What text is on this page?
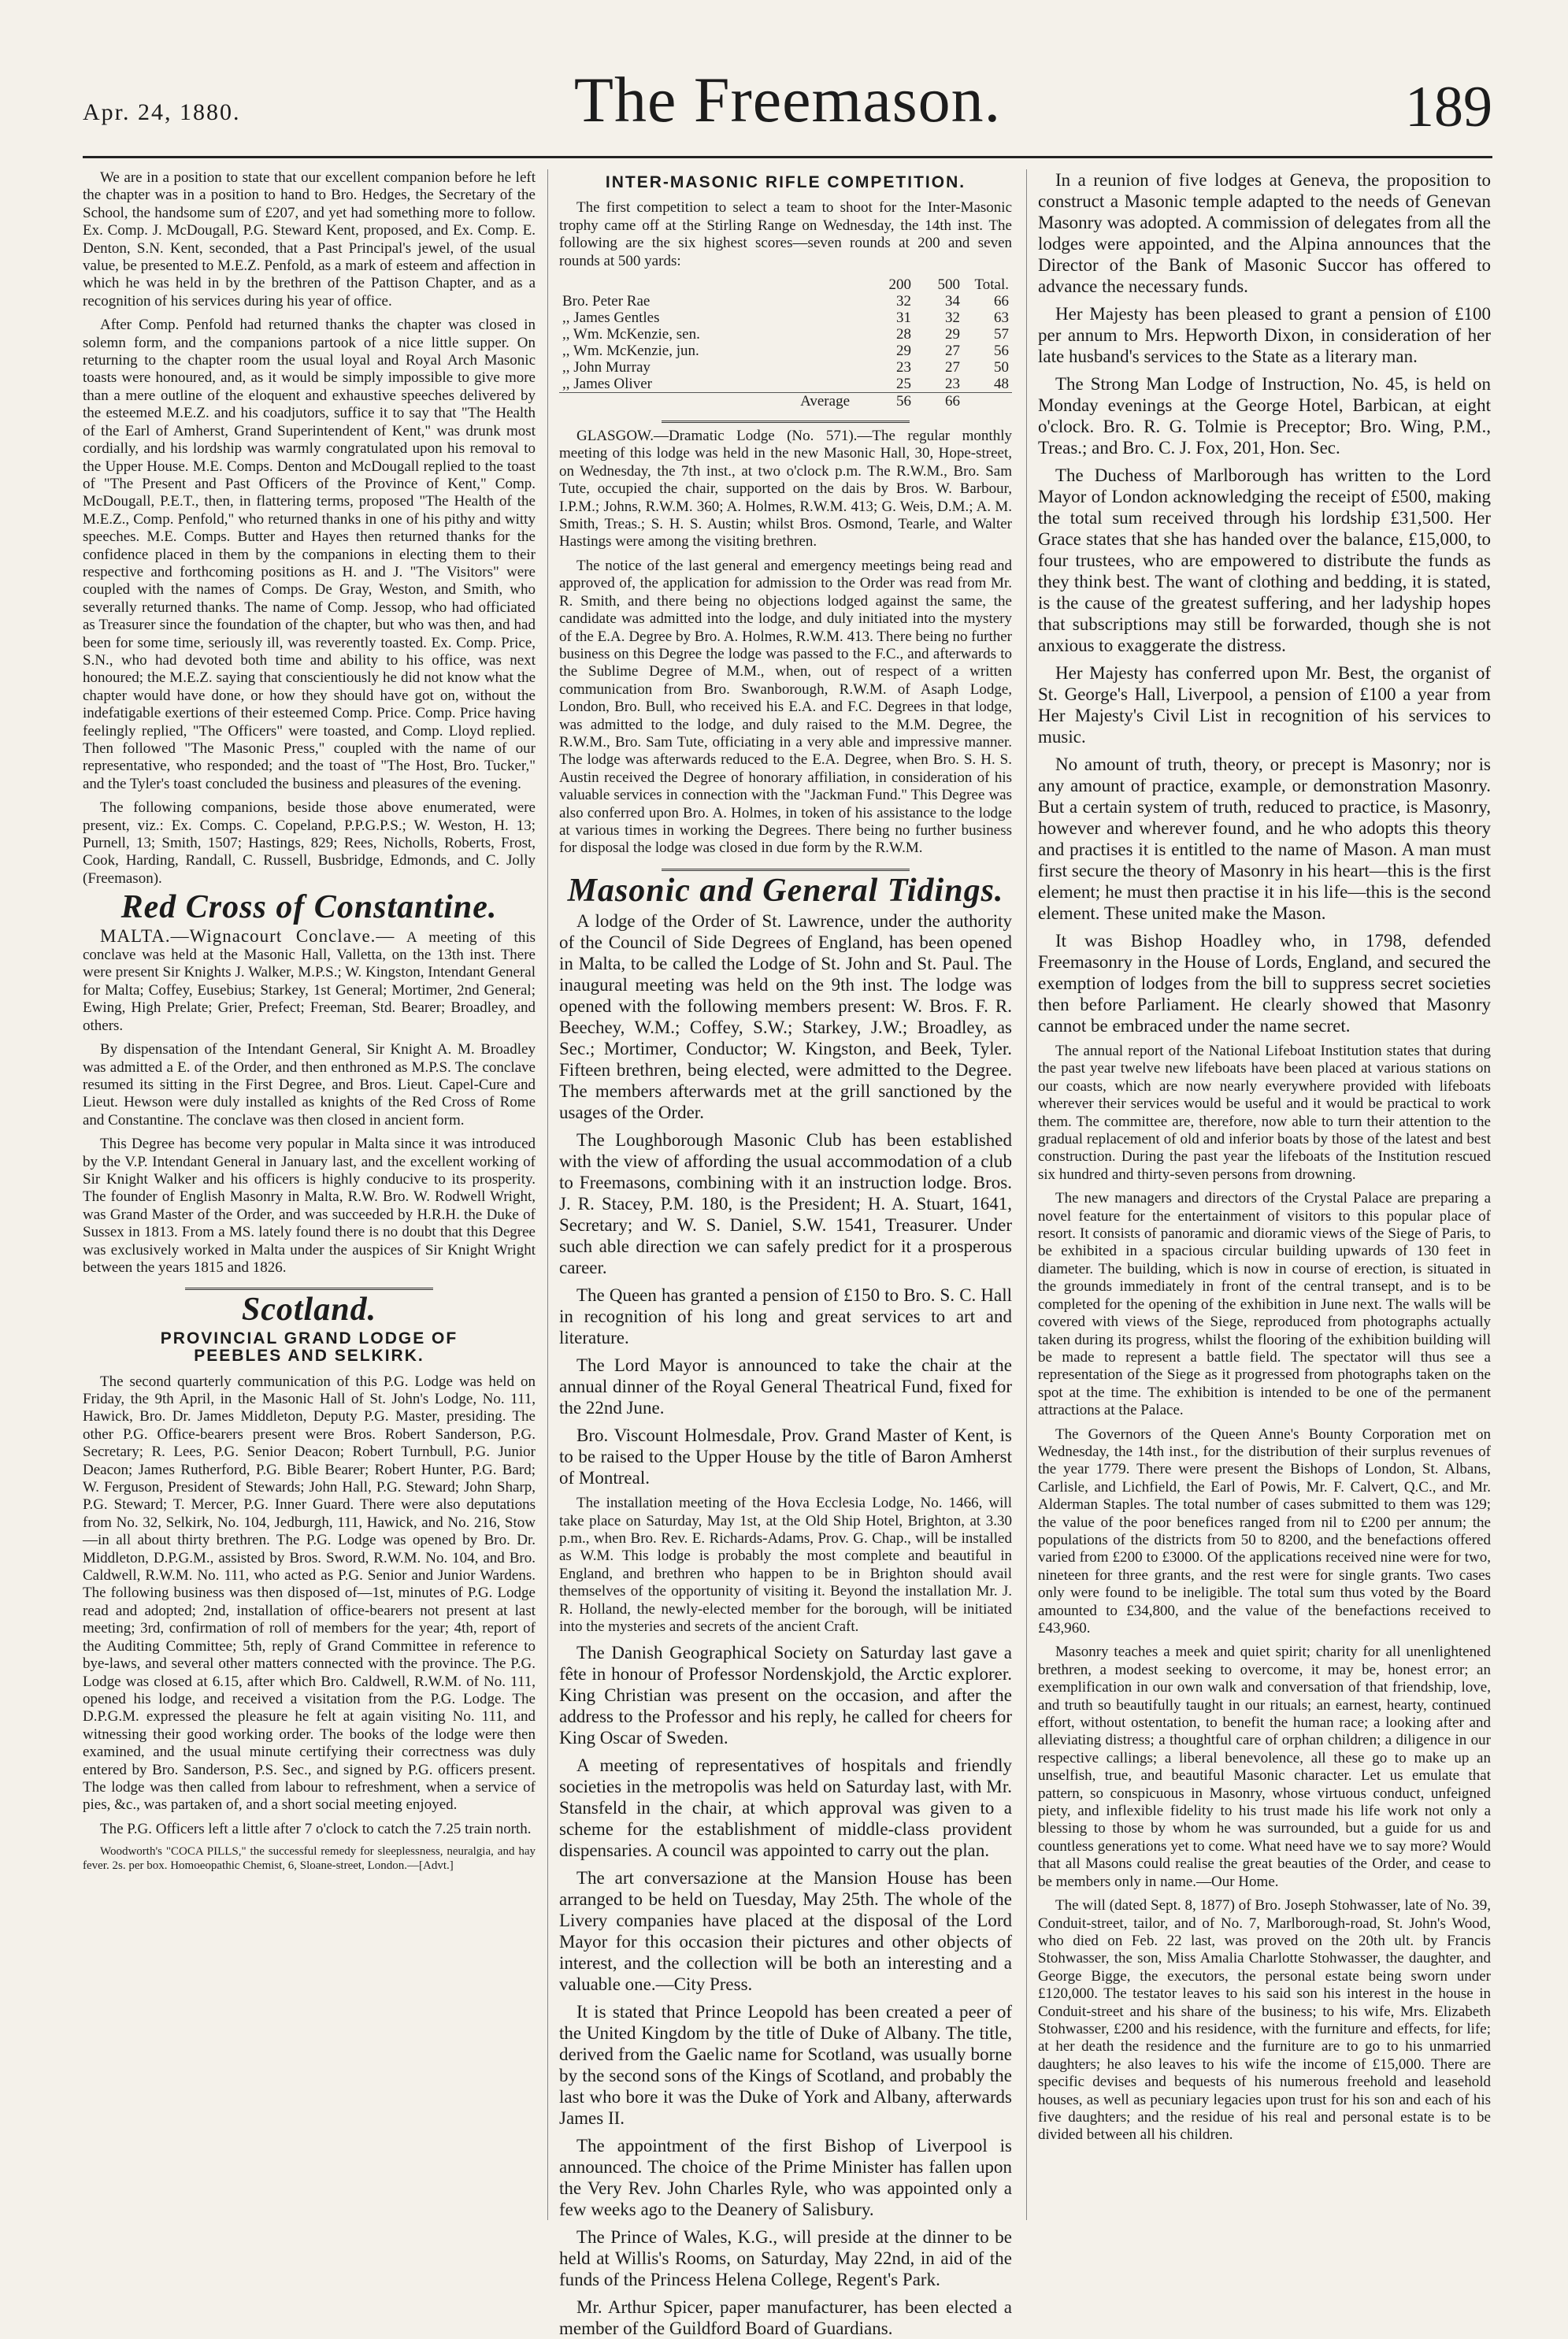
Apr. 24, 1880.	The Freemason.	189

We are in a position to state that our excellent companion before he left the chapter was in a position to hand to Bro. Hedges, the Secretary of the School, the handsome sum of £207, and yet had something more to follow. Ex. Comp. J. McDougall, P.G. Steward Kent, proposed, and Ex. Comp. E. Denton, S.N. Kent, seconded, that a Past Principal's jewel, of the usual value, be presented to M.E.Z. Penfold, as a mark of esteem and affection in which he was held in by the brethren of the Pattison Chapter, and as a recognition of his services during his year of office.

After Comp. Penfold had returned thanks the chapter was closed in solemn form, and the companions partook of a nice little supper. On returning to the chapter room the usual loyal and Royal Arch Masonic toasts were honoured, and, as it would be simply impossible to give more than a mere outline of the eloquent and exhaustive speeches delivered by the esteemed M.E.Z. and his coadjutors, suffice it to say that "The Health of the Earl of Amherst, Grand Superintendent of Kent," was drunk most cordially, and his lordship was warmly congratulated upon his removal to the Upper House. M.E. Comps. Denton and McDougall replied to the toast of "The Present and Past Officers of the Province of Kent," Comp. McDougall, P.E.T., then, in flattering terms, proposed "The Health of the M.E.Z., Comp. Penfold," who returned thanks in one of his pithy and witty speeches. M.E. Comps. Butter and Hayes then returned thanks for the confidence placed in them by the companions in electing them to their respective and forthcoming positions as H. and J. "The Visitors" were coupled with the names of Comps. De Gray, Weston, and Smith, who severally returned thanks. The name of Comp. Jessop, who had officiated as Treasurer since the foundation of the chapter, but who was then, and had been for some time, seriously ill, was reverently toasted. Ex. Comp. Price, S.N., who had devoted both time and ability to his office, was next honoured; the M.E.Z. saying that conscientiously he did not know what the chapter would have done, or how they should have got on, without the indefatigable exertions of their esteemed Comp. Price. Comp. Price having feelingly replied, "The Officers" were toasted, and Comp. Lloyd replied. Then followed "The Masonic Press," coupled with the name of our representative, who responded; and the toast of "The Host, Bro. Tucker," and the Tyler's toast concluded the business and pleasures of the evening.

The following companions, beside those above enumerated, were present, viz.: Ex. Comps. C. Copeland, P.P.G.P.S.; W. Weston, H. 13; Purnell, 13; Smith, 1507; Hastings, 829; Rees, Nicholls, Roberts, Frost, Cook, Harding, Randall, C. Russell, Busbridge, Edmonds, and C. Jolly (Freemason).

Red Cross of Constantine.

MALTA.—Wignacourt Conclave.— A meeting of this conclave was held at the Masonic Hall, Valletta, on the 13th inst. There were present Sir Knights J. Walker, M.P.S.; W. Kingston, Intendant General for Malta; Coffey, Eusebius; Starkey, 1st General; Mortimer, 2nd General; Ewing, High Prelate; Grier, Prefect; Freeman, Std. Bearer; Broadley, and others.

By dispensation of the Intendant General, Sir Knight A. M. Broadley was admitted a E. of the Order, and then enthroned as M.P.S. The conclave resumed its sitting in the First Degree, and Bros. Lieut. Capel-Cure and Lieut. Hewson were duly installed as knights of the Red Cross of Rome and Constantine. The conclave was then closed in ancient form.

This Degree has become very popular in Malta since it was introduced by the V.P. Intendant General in January last, and the excellent working of Sir Knight Walker and his officers is highly conducive to its prosperity. The founder of English Masonry in Malta, R.W. Bro. W. Rodwell Wright, was Grand Master of the Order, and was succeeded by H.R.H. the Duke of Sussex in 1813. From a MS. lately found there is no doubt that this Degree was exclusively worked in Malta under the auspices of Sir Knight Wright between the years 1815 and 1826.

Scotland.
PROVINCIAL GRAND LODGE OF
PEEBLES AND SELKIRK.

The second quarterly communication of this P.G. Lodge was held on Friday, the 9th April, in the Masonic Hall of St. John's Lodge, No. 111, Hawick, Bro. Dr. James Middleton, Deputy P.G. Master, presiding. The other P.G. Office-bearers present were Bros. Robert Sanderson, P.G. Secretary; R. Lees, P.G. Senior Deacon; Robert Turnbull, P.G. Junior Deacon; James Rutherford, P.G. Bible Bearer; Robert Hunter, P.G. Bard; W. Ferguson, President of Stewards; John Hall, P.G. Steward; John Sharp, P.G. Steward; T. Mercer, P.G. Inner Guard. There were also deputations from No. 32, Selkirk, No. 104, Jedburgh, 111, Hawick, and No. 216, Stow—in all about thirty brethren. The P.G. Lodge was opened by Bro. Dr. Middleton, D.P.G.M., assisted by Bros. Sword, R.W.M. No. 104, and Bro. Caldwell, R.W.M. No. 111, who acted as P.G. Senior and Junior Wardens. The following business was then disposed of—1st, minutes of P.G. Lodge read and adopted; 2nd, installation of office-bearers not present at last meeting; 3rd, confirmation of roll of members for the year; 4th, report of the Auditing Committee; 5th, reply of Grand Committee in reference to bye-laws, and several other matters connected with the province. The P.G. Lodge was closed at 6.15, after which Bro. Caldwell, R.W.M. of No. 111, opened his lodge, and received a visitation from the P.G. Lodge. The D.P.G.M. expressed the pleasure he felt at again visiting No. 111, and witnessing their good working order. The books of the lodge were then examined, and the usual minute certifying their correctness was duly entered by Bro. Sanderson, P.S. Sec., and signed by P.G. officers present. The lodge was then called from labour to refreshment, when a service of pies, &c., was partaken of, and a short social meeting enjoyed.

The P.G. Officers left a little after 7 o'clock to catch the 7.25 train north.

Woodworth's "COCA PILLS," the successful remedy for sleeplessness, neuralgia, and hay fever. 2s. per box. Homoeopathic Chemist, 6, Sloane-street, London.—[Advt.]

INTER-MASONIC RIFLE COMPETITION.

The first competition to select a team to shoot for the Inter-Masonic trophy came off at the Stirling Range on Wednesday, the 14th inst. The following are the six highest scores—seven rounds at 200 and seven rounds at 500 yards:

	200	500	Total.
Bro. Peter Rae	32	34	66
,, James Gentles	31	32	63
,, Wm. McKenzie, sen.	28	29	57
,, Wm. McKenzie, jun.	29	27	56
,, John Murray	23	27	50
,, James Oliver	25	23	48
Average	56	66	

GLASGOW.—Dramatic Lodge (No. 571).—The regular monthly meeting of this lodge was held in the new Masonic Hall, 30, Hope-street, on Wednesday, the 7th inst., at two o'clock p.m. The R.W.M., Bro. Sam Tute, occupied the chair, supported on the dais by Bros. W. Barbour, I.P.M.; Johns, R.W.M. 360; A. Holmes, R.W.M. 413; G. Weis, D.M.; A. M. Smith, Treas.; S. H. S. Austin; whilst Bros. Osmond, Tearle, and Walter Hastings were among the visiting brethren.

The notice of the last general and emergency meetings being read and approved of, the application for admission to the Order was read from Mr. R. Smith, and there being no objections lodged against the same, the candidate was admitted into the lodge, and duly initiated into the mystery of the E.A. Degree by Bro. A. Holmes, R.W.M. 413. There being no further business on this Degree the lodge was passed to the F.C., and afterwards to the Sublime Degree of M.M., when, out of respect of a written communication from Bro. Swanborough, R.W.M. of Asaph Lodge, London, Bro. Bull, who received his E.A. and F.C. Degrees in that lodge, was admitted to the lodge, and duly raised to the M.M. Degree, the R.W.M., Bro. Sam Tute, officiating in a very able and impressive manner. The lodge was afterwards reduced to the E.A. Degree, when Bro. S. H. S. Austin received the Degree of honorary affiliation, in consideration of his valuable services in connection with the "Jackman Fund." This Degree was also conferred upon Bro. A. Holmes, in token of his assistance to the lodge at various times in working the Degrees. There being no further business for disposal the lodge was closed in due form by the R.W.M.

Masonic and General Tidings.

A lodge of the Order of St. Lawrence, under the authority of the Council of Side Degrees of England, has been opened in Malta, to be called the Lodge of St. John and St. Paul. The inaugural meeting was held on the 9th inst. The lodge was opened with the following members present: W. Bros. F. R. Beechey, W.M.; Coffey, S.W.; Starkey, J.W.; Broadley, as Sec.; Mortimer, Conductor; W. Kingston, and Beek, Tyler. Fifteen brethren, being elected, were admitted to the Degree. The members afterwards met at the grill sanctioned by the usages of the Order.

The Loughborough Masonic Club has been established with the view of affording the usual accommodation of a club to Freemasons, combining with it an instruction lodge. Bros. J. R. Stacey, P.M. 180, is the President; H. A. Stuart, 1641, Secretary; and W. S. Daniel, S.W. 1541, Treasurer. Under such able direction we can safely predict for it a prosperous career.

The Queen has granted a pension of £150 to Bro. S. C. Hall in recognition of his long and great services to art and literature.

The Lord Mayor is announced to take the chair at the annual dinner of the Royal General Theatrical Fund, fixed for the 22nd June.

Bro. Viscount Holmesdale, Prov. Grand Master of Kent, is to be raised to the Upper House by the title of Baron Amherst of Montreal.

The installation meeting of the Hova Ecclesia Lodge, No. 1466, will take place on Saturday, May 1st, at the Old Ship Hotel, Brighton, at 3.30 p.m., when Bro. Rev. E. Richards-Adams, Prov. G. Chap., will be installed as W.M. This lodge is probably the most complete and beautiful in England, and brethren who happen to be in Brighton should avail themselves of the opportunity of visiting it. Beyond the installation Mr. J. R. Holland, the newly-elected member for the borough, will be initiated into the mysteries and secrets of the ancient Craft.

The Danish Geographical Society on Saturday last gave a fête in honour of Professor Nordenskjold, the Arctic explorer. King Christian was present on the occasion, and after the address to the Professor and his reply, he called for cheers for King Oscar of Sweden.

A meeting of representatives of hospitals and friendly societies in the metropolis was held on Saturday last, with Mr. Stansfeld in the chair, at which approval was given to a scheme for the establishment of middle-class provident dispensaries. A council was appointed to carry out the plan.

The art conversazione at the Mansion House has been arranged to be held on Tuesday, May 25th. The whole of the Livery companies have placed at the disposal of the Lord Mayor for this occasion their pictures and other objects of interest, and the collection will be both an interesting and a valuable one.—City Press.

It is stated that Prince Leopold has been created a peer of the United Kingdom by the title of Duke of Albany. The title, derived from the Gaelic name for Scotland, was usually borne by the second sons of the Kings of Scotland, and probably the last who bore it was the Duke of York and Albany, afterwards James II.

The appointment of the first Bishop of Liverpool is announced. The choice of the Prime Minister has fallen upon the Very Rev. John Charles Ryle, who was appointed only a few weeks ago to the Deanery of Salisbury.

The Prince of Wales, K.G., will preside at the dinner to be held at Willis's Rooms, on Saturday, May 22nd, in aid of the funds of the Princess Helena College, Regent's Park.

Mr. Arthur Spicer, paper manufacturer, has been elected a member of the Guildford Board of Guardians.

In a reunion of five lodges at Geneva, the proposition to construct a Masonic temple adapted to the needs of Genevan Masonry was adopted. A commission of delegates from all the lodges were appointed, and the Alpina announces that the Director of the Bank of Masonic Succor has offered to advance the necessary funds.

Her Majesty has been pleased to grant a pension of £100 per annum to Mrs. Hepworth Dixon, in consideration of her late husband's services to the State as a literary man.

The Strong Man Lodge of Instruction, No. 45, is held on Monday evenings at the George Hotel, Barbican, at eight o'clock. Bro. R. G. Tolmie is Preceptor; Bro. Wing, P.M., Treas.; and Bro. C. J. Fox, 201, Hon. Sec.

The Duchess of Marlborough has written to the Lord Mayor of London acknowledging the receipt of £500, making the total sum received through his lordship £31,500. Her Grace states that she has handed over the balance, £15,000, to four trustees, who are empowered to distribute the funds as they think best. The want of clothing and bedding, it is stated, is the cause of the greatest suffering, and her ladyship hopes that subscriptions may still be forwarded, though she is not anxious to exaggerate the distress.

Her Majesty has conferred upon Mr. Best, the organist of St. George's Hall, Liverpool, a pension of £100 a year from Her Majesty's Civil List in recognition of his services to music.

No amount of truth, theory, or precept is Masonry; nor is any amount of practice, example, or demonstration Masonry. But a certain system of truth, reduced to practice, is Masonry, however and wherever found, and he who adopts this theory and practises it is entitled to the name of Mason. A man must first secure the theory of Masonry in his heart—this is the first element; he must then practise it in his life—this is the second element. These united make the Mason.

It was Bishop Hoadley who, in 1798, defended Freemasonry in the House of Lords, England, and secured the exemption of lodges from the bill to suppress secret societies then before Parliament. He clearly showed that Masonry cannot be embraced under the name secret.

The annual report of the National Lifeboat Institution states that during the past year twelve new lifeboats have been placed at various stations on our coasts, which are now nearly everywhere provided with lifeboats wherever their services would be useful and it would be practical to work them. The committee are, therefore, now able to turn their attention to the gradual replacement of old and inferior boats by those of the latest and best construction. During the past year the lifeboats of the Institution rescued six hundred and thirty-seven persons from drowning.

The new managers and directors of the Crystal Palace are preparing a novel feature for the entertainment of visitors to this popular place of resort. It consists of panoramic and dioramic views of the Siege of Paris, to be exhibited in a spacious circular building upwards of 130 feet in diameter. The building, which is now in course of erection, is situated in the grounds immediately in front of the central transept, and is to be completed for the opening of the exhibition in June next. The walls will be covered with views of the Siege, reproduced from photographs actually taken during its progress, whilst the flooring of the exhibition building will be made to represent a battle field. The spectator will thus see a representation of the Siege as it progressed from photographs taken on the spot at the time. The exhibition is intended to be one of the permanent attractions at the Palace.

The Governors of the Queen Anne's Bounty Corporation met on Wednesday, the 14th inst., for the distribution of their surplus revenues of the year 1779. There were present the Bishops of London, St. Albans, Carlisle, and Lichfield, the Earl of Powis, Mr. F. Calvert, Q.C., and Mr. Alderman Staples. The total number of cases submitted to them was 129; the value of the poor benefices ranged from nil to £200 per annum; the populations of the districts from 50 to 8200, and the benefactions offered varied from £200 to £3000. Of the applications received nine were for two, nineteen for three grants, and the rest were for single grants. Two cases only were found to be ineligible. The total sum thus voted by the Board amounted to £34,800, and the value of the benefactions received to £43,960.

Masonry teaches a meek and quiet spirit; charity for all unenlightened brethren, a modest seeking to overcome, it may be, honest error; an exemplification in our own walk and conversation of that friendship, love, and truth so beautifully taught in our rituals; an earnest, hearty, continued effort, without ostentation, to benefit the human race; a looking after and alleviating distress; a thoughtful care of orphan children; a diligence in our respective callings; a liberal benevolence, all these go to make up an unselfish, true, and beautiful Masonic character. Let us emulate that pattern, so conspicuous in Masonry, whose virtuous conduct, unfeigned piety, and inflexible fidelity to his trust made his life work not only a blessing to those by whom he was surrounded, but a guide for us and countless generations yet to come. What need have we to say more? Would that all Masons could realise the great beauties of the Order, and cease to be members only in name.—Our Home.

The will (dated Sept. 8, 1877) of Bro. Joseph Stohwasser, late of No. 39, Conduit-street, tailor, and of No. 7, Marlborough-road, St. John's Wood, who died on Feb. 22 last, was proved on the 20th ult. by Francis Stohwasser, the son, Miss Amalia Charlotte Stohwasser, the daughter, and George Bigge, the executors, the personal estate being sworn under £120,000. The testator leaves to his said son his interest in the house in Conduit-street and his share of the business; to his wife, Mrs. Elizabeth Stohwasser, £200 and his residence, with the furniture and effects, for life; at her death the residence and the furniture are to go to his unmarried daughters; he also leaves to his wife the income of £15,000. There are specific devises and bequests of his numerous freehold and leasehold houses, as well as pecuniary legacies upon trust for his son and each of his five daughters; and the residue of his real and personal estate is to be divided between all his children.
